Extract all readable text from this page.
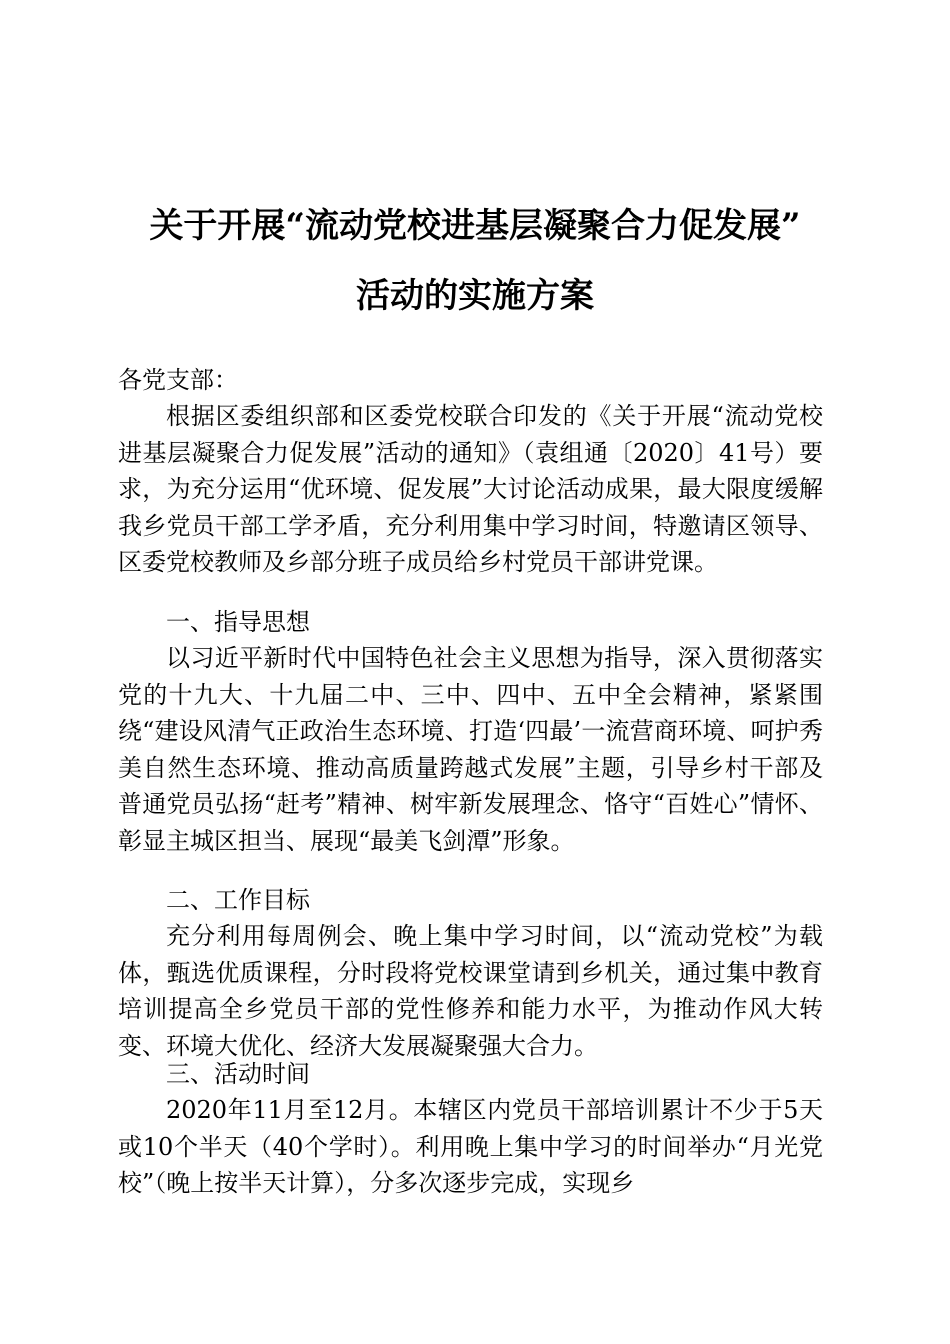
关于开展“流动党校进基层凝聚合力促发展”
活动的实施方案
各党支部：

根据区委组织部和区委党校联合印发的《关于开展“流动党校进基层凝聚合力促发展”活动的通知》（袁组通〔2020〕41号）要求，为充分运用“优环境、促发展”大讨论活动成果，最大限度缓解我乡党员干部工学矛盾，充分利用集中学习时间，特邀请区领导、区委党校教师及乡部分班子成员给乡村党员干部讲党课。

一、指导思想

以习近平新时代中国特色社会主义思想为指导，深入贯彻落实党的十九大、十九届二中、三中、四中、五中全会精神，紧紧围绕“建设风清气正政治生态环境、打造‘四最’一流营商环境、呵护秀美自然生态环境、推动高质量跨越式发展”主题，引导乡村干部及普通党员弘扬“赶考”精神、树牢新发展理念、恪守“百姓心”情怀、彰显主城区担当、展现“最美飞剑潭”形象。

二、工作目标

充分利用每周例会、晚上集中学习时间，以“流动党校”为载体，甄选优质课程，分时段将党校课堂请到乡机关，通过集中教育培训提高全乡党员干部的党性修养和能力水平，为推动作风大转变、环境大优化、经济大发展凝聚强大合力。

三、活动时间

2020年11月至12月。本辖区内党员干部培训累计不少于5天或10个半天（40个学时）。利用晚上集中学习的时间举办“月光党校”（晚上按半天计算），分多次逐步完成，实现乡
